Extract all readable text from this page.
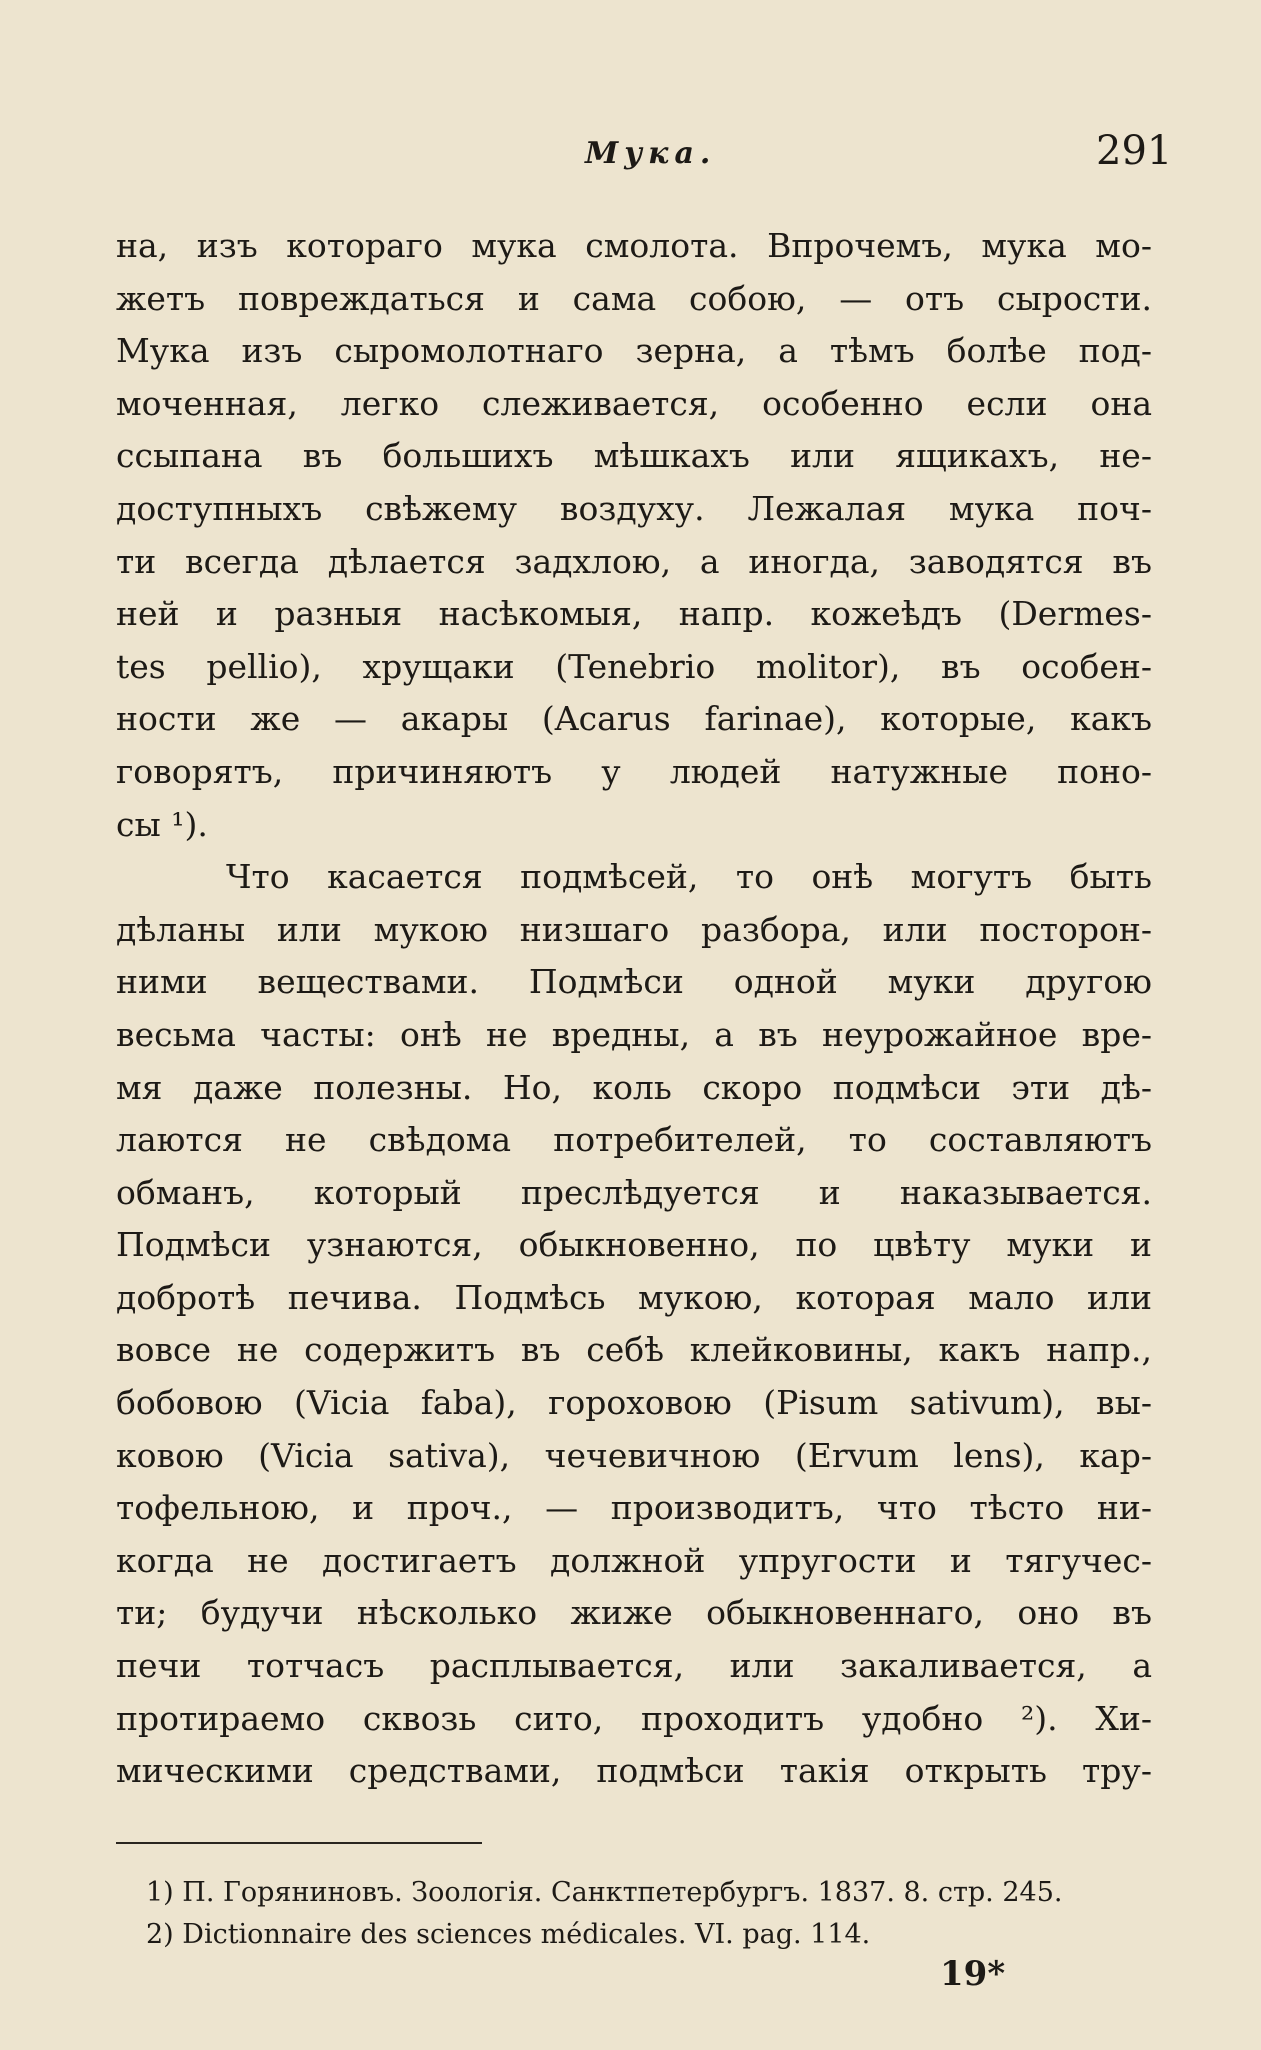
Мука.	291
на, изъ котораго мука смолота. Впрочемъ, мука мо-
жетъ повреждаться и сама собою, — отъ сырости.
Мука изъ сыромолотнаго зерна, а тѣмъ болѣе под-
моченная, легко слеживается, особенно если она
ссыпана въ большихъ мѣшкахъ или ящикахъ, не-
доступныхъ свѣжему воздуху. Лежалая мука поч-
ти всегда дѣлается задхлою, а иногда, заводятся въ
ней и разныя насѣкомыя, напр. кожеѣдъ (Dermes-
tes pellio), хрущаки (Tenebrio molitor), въ особен-
ности же — акары (Acarus farinae), которые, какъ
говорятъ, причиняютъ у людей натужные поно-
сы ¹).
Что касается подмѣсей, то онѣ могутъ быть
дѣланы или мукою низшаго разбора, или посторон-
ними веществами. Подмѣси одной муки другою
весьма часты: онѣ не вредны, а въ неурожайное вре-
мя даже полезны. Но, коль скоро подмѣси эти дѣ-
лаются не свѣдома потребителей, то составляютъ
обманъ, который преслѣдуется и наказывается.
Подмѣси узнаются, обыкновенно, по цвѣту муки и
добротѣ печива. Подмѣсь мукою, которая мало или
вовсе не содержитъ въ себѣ клейковины, какъ напр.,
бобовою (Vicia faba), гороховою (Pisum sativum), вы-
ковою (Vicia sativa), чечевичною (Ervum lens), кар-
тофельною, и проч., — производитъ, что тѣсто ни-
когда не достигаетъ должной упругости и тягучес-
ти; будучи нѣсколько жиже обыкновеннаго, оно въ
печи тотчасъ расплывается, или закаливается, а
протираемо сквозь сито, проходитъ удобно ²). Хи-
мическими средствами, подмѣси такія открыть тру-
1) П. Горяниновъ. Зоологія. Санктпетербургъ. 1837. 8. стр. 245.
2) Dictionnaire des sciences médicales. VI. pag. 114.
19*
